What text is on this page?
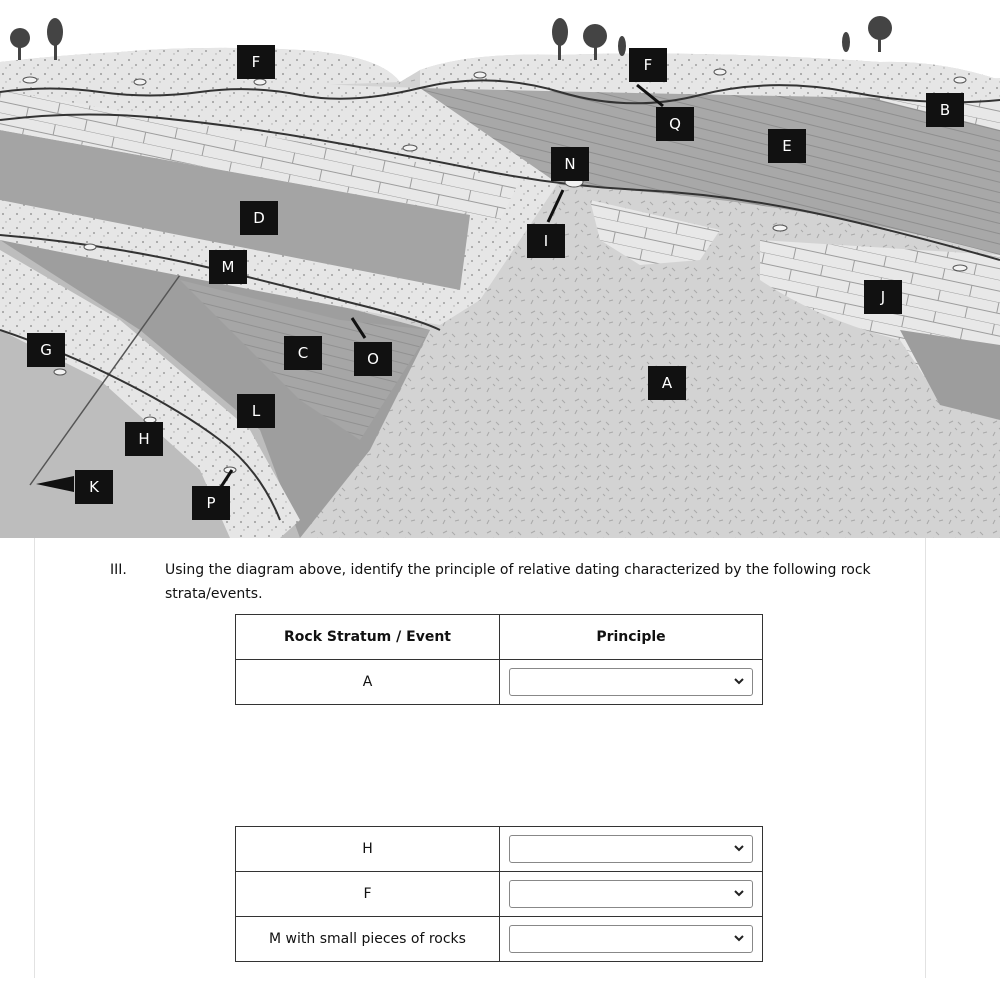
F	F
Q
B
E
N
I
D
M
J
G	C	O
A
L
H
K
P
III.	Using the diagram above, identify the principle of relative dating characterized by the following rock strata/events.
Rock Stratum / Event	Principle
A	
H	

F	

M with small pieces of rocks	
